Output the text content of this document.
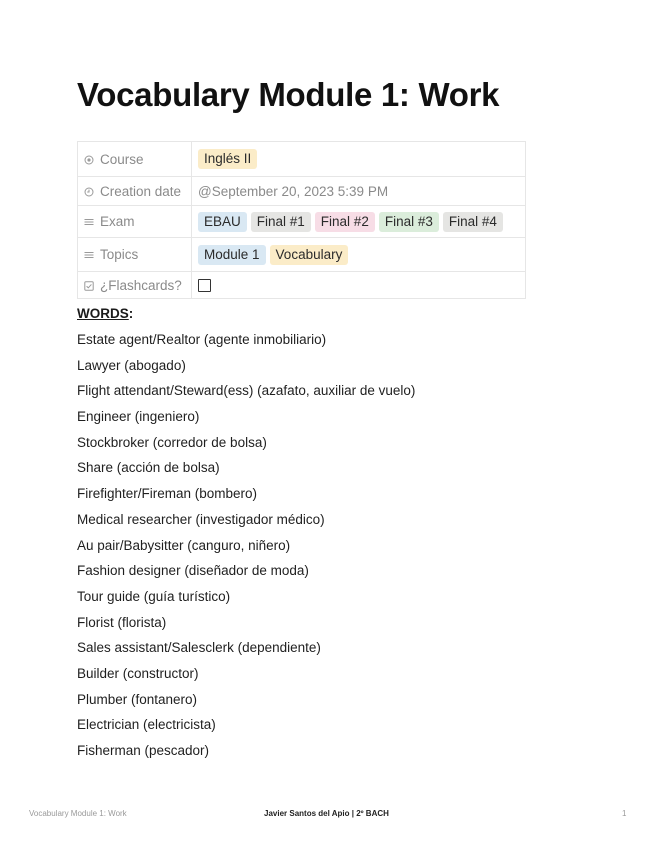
Vocabulary Module 1: Work
Course	Inglés II

Creation date	@September 20, 2023 5:39 PM

Exam	EBAU Final #1 Final #2 Final #3 Final #4

Topics	Module 1 Vocabulary

¿Flashcards?	
WORDS:
Estate agent/Realtor (agente inmobiliario)
Lawyer (abogado)
Flight attendant/Steward(ess) (azafato, auxiliar de vuelo)
Engineer (ingeniero)
Stockbroker (corredor de bolsa)
Share (acción de bolsa)
Firefighter/Fireman (bombero)
Medical researcher (investigador médico)
Au pair/Babysitter (canguro, niñero)
Fashion designer (diseñador de moda)
Tour guide (guía turístico)
Florist (florista)
Sales assistant/Salesclerk (dependiente)
Builder (constructor)
Plumber (fontanero)
Electrician (electricista)
Fisherman (pescador)
Vocabulary Module 1: Work	Javier Santos del Apio | 2º BACH	1
